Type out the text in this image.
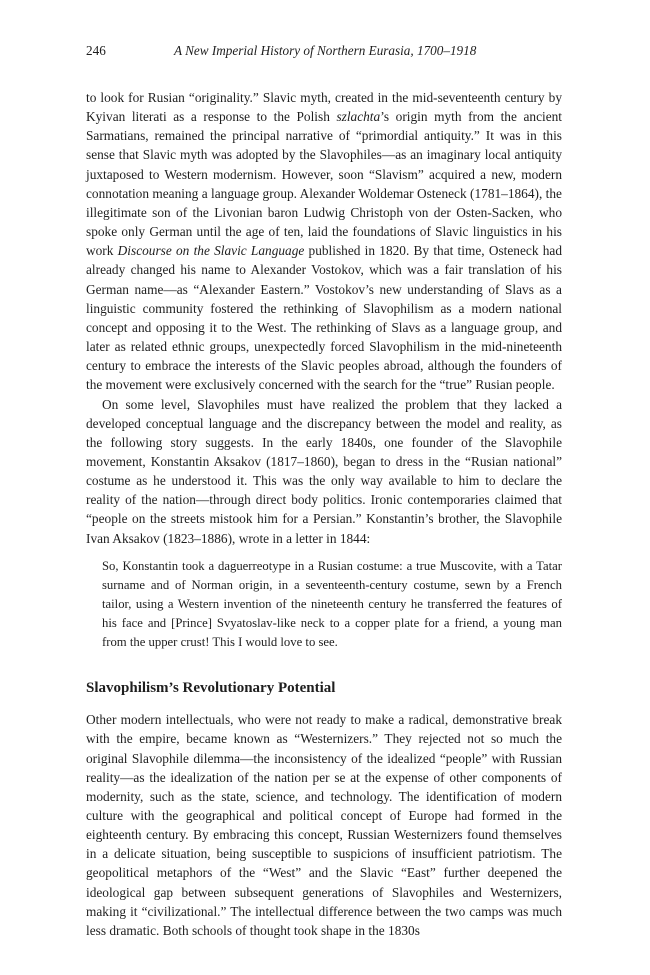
246	A New Imperial History of Northern Eurasia, 1700–1918

to look for Rusian “originality.” Slavic myth, created in the mid-seventeenth century by Kyivan literati as a response to the Polish szlachta’s origin myth from the ancient Sarmatians, remained the principal narrative of “primordial antiquity.” It was in this sense that Slavic myth was adopted by the Slavophiles—as an imaginary local antiquity juxtaposed to Western modernism. However, soon “Slavism” acquired a new, modern connotation meaning a language group. Alexander Woldemar Osteneck (1781–1864), the illegitimate son of the Livonian baron Ludwig Christoph von der Osten-Sacken, who spoke only German until the age of ten, laid the foundations of Slavic linguistics in his work Discourse on the Slavic Language published in 1820. By that time, Osteneck had already changed his name to Alexander Vostokov, which was a fair translation of his German name—as “Alexander Eastern.” Vostokov’s new understanding of Slavs as a linguistic community fostered the rethinking of Slavophilism as a modern national concept and opposing it to the West. The rethinking of Slavs as a language group, and later as related ethnic groups, unexpectedly forced Slavophilism in the mid-nineteenth century to embrace the interests of the Slavic peoples abroad, although the founders of the movement were exclusively concerned with the search for the “true” Rusian people.

On some level, Slavophiles must have realized the problem that they lacked a developed conceptual language and the discrepancy between the model and reality, as the following story suggests. In the early 1840s, one founder of the Slavophile movement, Konstantin Aksakov (1817–1860), began to dress in the “Rusian national” costume as he understood it. This was the only way available to him to declare the reality of the nation—through direct body politics. Ironic contemporaries claimed that “people on the streets mistook him for a Persian.” Konstantin’s brother, the Slavophile Ivan Aksakov (1823–1886), wrote in a letter in 1844:

So, Konstantin took a daguerreotype in a Rusian costume: a true Muscovite, with a Tatar surname and of Norman origin, in a seventeenth-century costume, sewn by a French tailor, using a Western invention of the nineteenth century he transferred the features of his face and [Prince] Svyatoslav-like neck to a copper plate for a friend, a young man from the upper crust! This I would love to see.
Slavophilism’s Revolutionary Potential

Other modern intellectuals, who were not ready to make a radical, demonstrative break with the empire, became known as “Westernizers.” They rejected not so much the original Slavophile dilemma—the inconsistency of the idealized “people” with Russian reality—as the idealization of the nation per se at the expense of other components of modernity, such as the state, science, and technology. The identification of modern culture with the geographical and political concept of Europe had formed in the eighteenth century. By embracing this concept, Russian Westernizers found themselves in a delicate situation, being susceptible to suspicions of insufficient patriotism. The geopolitical metaphors of the “West” and the Slavic “East” further deepened the ideological gap between subsequent generations of Slavophiles and Westernizers, making it “civilizational.” The intellectual difference between the two camps was much less dramatic. Both schools of thought took shape in the 1830s
